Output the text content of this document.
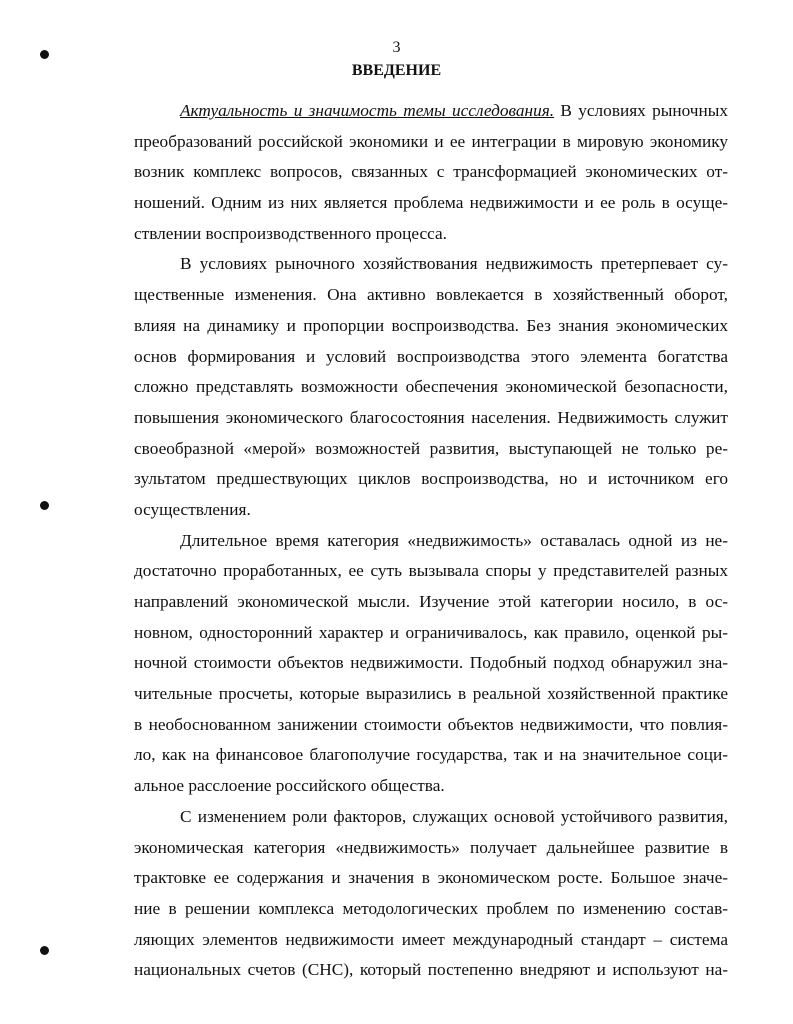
3
ВВЕДЕНИЕ
Актуальность и значимость темы исследования. В условиях рыночных
преобразований российской экономики и ее интеграции в мировую экономику
возник комплекс вопросов, связанных с трансформацией экономических от-
ношений. Одним из них является проблема недвижимости и ее роль в осуще-
ствлении воспроизводственного процесса.
В условиях рыночного хозяйствования недвижимость претерпевает су-
щественные изменения. Она активно вовлекается в хозяйственный оборот,
влияя на динамику и пропорции воспроизводства. Без знания экономических
основ формирования и условий воспроизводства этого элемента богатства
сложно представлять возможности обеспечения экономической безопасности,
повышения экономического благосостояния населения. Недвижимость служит
своеобразной «мерой» возможностей развития, выступающей не только ре-
зультатом предшествующих циклов воспроизводства, но и источником его
осуществления.
Длительное время категория «недвижимость» оставалась одной из не-
достаточно проработанных, ее суть вызывала споры у представителей разных
направлений экономической мысли. Изучение этой категории носило, в ос-
новном, односторонний характер и ограничивалось, как правило, оценкой ры-
ночной стоимости объектов недвижимости. Подобный подход обнаружил зна-
чительные просчеты, которые выразились в реальной хозяйственной практике
в необоснованном занижении стоимости объектов недвижимости, что повлия-
ло, как на финансовое благополучие государства, так и на значительное соци-
альное расслоение российского общества.
С изменением роли факторов, служащих основой устойчивого развития,
экономическая категория «недвижимость» получает дальнейшее развитие в
трактовке ее содержания и значения в экономическом росте. Большое значе-
ние в решении комплекса методологических проблем по изменению состав-
ляющих элементов недвижимости имеет международный стандарт – система
национальных счетов (СНС), который постепенно внедряют и используют на-
